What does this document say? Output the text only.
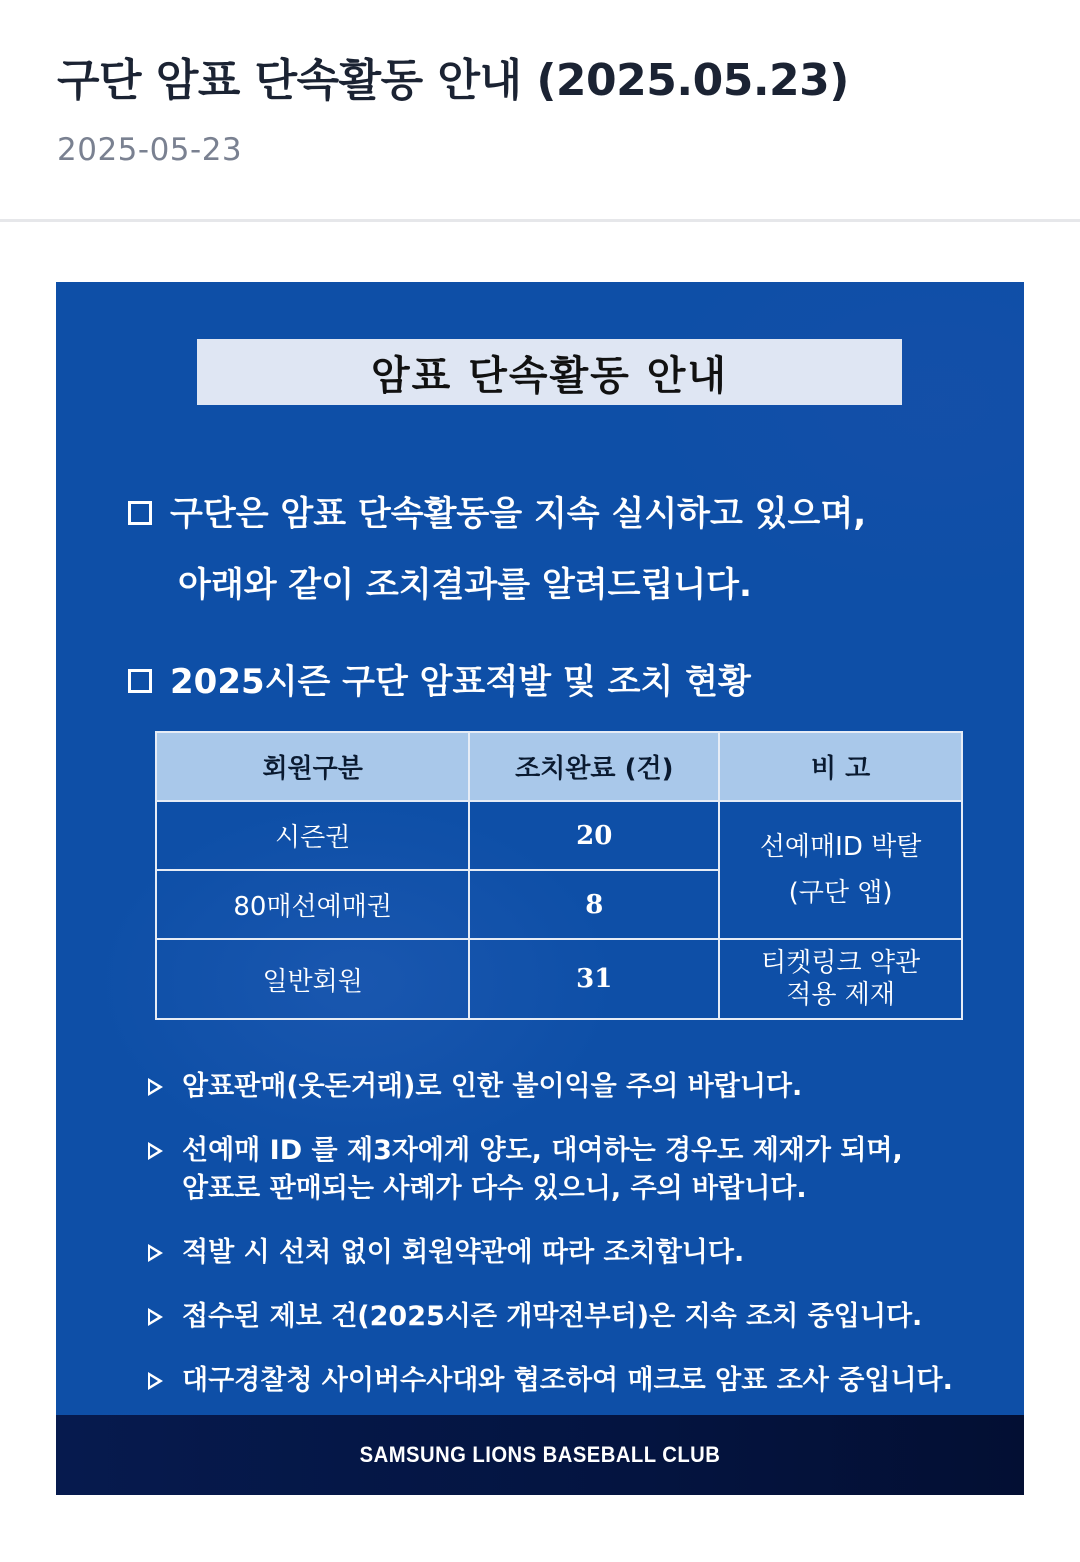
구단 암표 단속활동 안내 (2025.05.23)
2025-05-23
암표 단속활동 안내
구단은 암표 단속활동을 지속 실시하고 있으며,
아래와 같이 조치결과를 알려드립니다.
2025시즌 구단 암표적발 및 조치 현황
회원구분	조치완료 (건)	비 고
시즌권	20	선예매ID 박탈
(구단 앱)

80매선예매권	8	
일반회원	31	티켓링크 약관
적용 제재
암표판매(웃돈거래)로 인한 불이익을 주의 바랍니다.
선예매 ID 를 제3자에게 양도, 대여하는 경우도 제재가 되며,
암표로 판매되는 사례가 다수 있으니, 주의 바랍니다.
적발 시 선처 없이 회원약관에 따라 조치합니다.
접수된 제보 건(2025시즌 개막전부터)은 지속 조치 중입니다.
대구경찰청 사이버수사대와 협조하여 매크로 암표 조사 중입니다.
SAMSUNG LIONS BASEBALL CLUB
